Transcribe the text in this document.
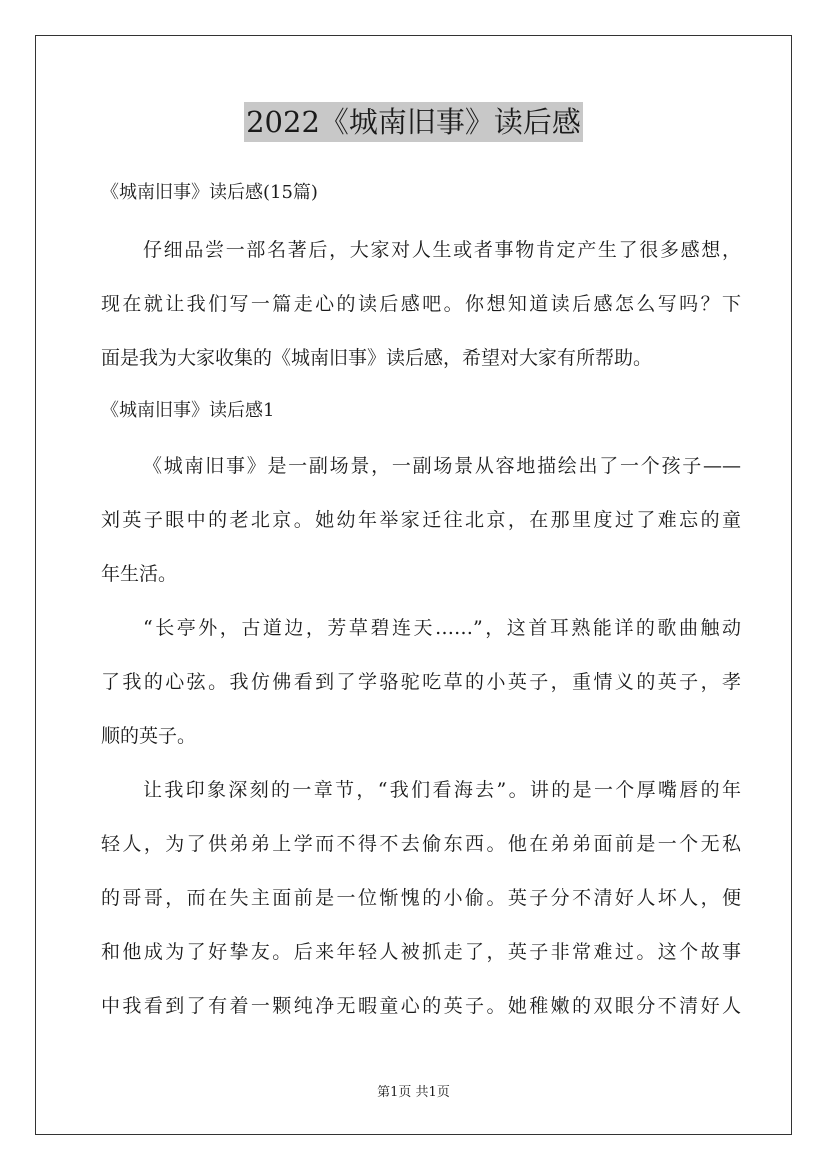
2022《城南旧事》读后感
《城南旧事》读后感(15篇)
仔细品尝一部名著后，大家对人生或者事物肯定产生了很多感想，
现在就让我们写一篇走心的读后感吧。你想知道读后感怎么写吗？下
面是我为大家收集的《城南旧事》读后感，希望对大家有所帮助。
《城南旧事》读后感1
《城南旧事》是一副场景，一副场景从容地描绘出了一个孩子——
刘英子眼中的老北京。她幼年举家迁往北京，在那里度过了难忘的童
年生活。
“长亭外，古道边，芳草碧连天……”，这首耳熟能详的歌曲触动
了我的心弦。我仿佛看到了学骆驼吃草的小英子，重情义的英子，孝
顺的英子。
让我印象深刻的一章节，“我们看海去”。讲的是一个厚嘴唇的年
轻人，为了供弟弟上学而不得不去偷东西。他在弟弟面前是一个无私
的哥哥，而在失主面前是一位惭愧的小偷。英子分不清好人坏人，便
和他成为了好挚友。后来年轻人被抓走了，英子非常难过。这个故事
中我看到了有着一颗纯净无暇童心的英子。她稚嫩的双眼分不清好人
第1页 共1页
